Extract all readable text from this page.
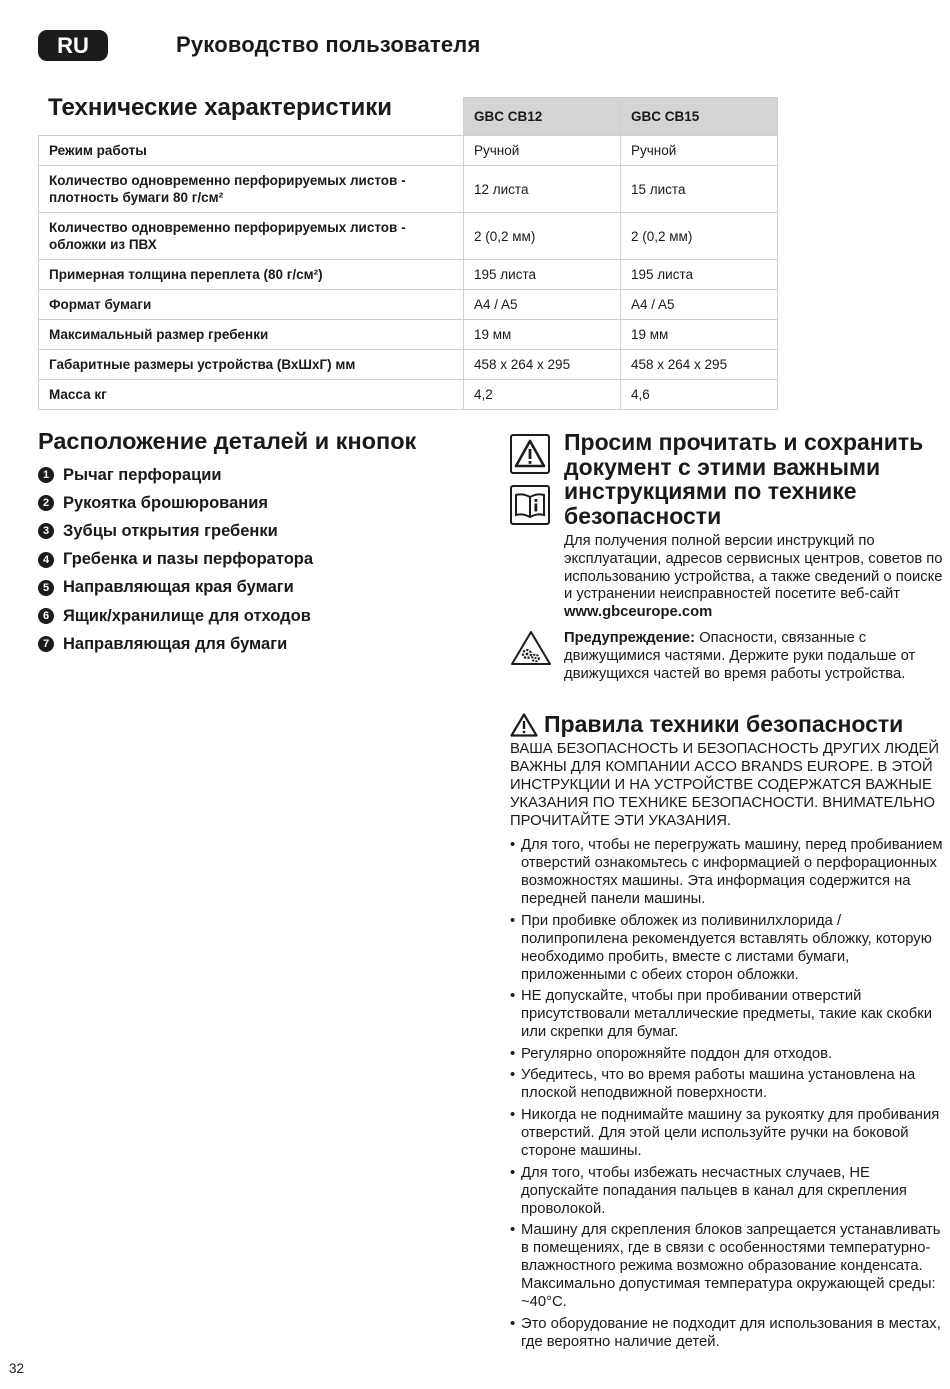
RU	Руководство пользователя
	GBC CB12	GBC CB15
Режим работы	Ручной	Ручной
Количество одновременно перфорируемых листов - плотность бумаги 80 г/см²	12 листа	15 листа
Количество одновременно перфорируемых листов - обложки из ПВХ	2 (0,2 мм)	2 (0,2 мм)
Примерная толщина переплета (80 г/см²)	195 листа	195 листа
Формат бумаги	A4 / A5	A4 / A5
Максимальный размер гребенки	19 мм	19 мм
Габаритные размеры устройства (ВхШхГ) мм	458 x 264 x 295	458 x 264 x 295
Масса кг	4,2	4,6
Технические характеристики
Расположение деталей и кнопок
1 Рычаг перфорации
2 Рукоятка брошюрования
3 Зубцы открытия гребенки
4 Гребенка и пазы перфоратора
5 Направляющая края бумаги
6 Ящик/хранилище для отходов
7 Направляющая для бумаги
Просим прочитать и сохранить документ с этими важными инструкциями по технике безопасности
Для получения полной версии инструкций по эксплуатации, адресов сервисных центров, советов по использованию устройства, а также сведений о поиске и устранении неисправностей посетите веб-сайт www.gbceurope.com
Предупреждение: Опасности, связанные с движущимися частями. Держите руки подальше от движущихся частей во время работы устройства.
Правила техники безопасности
ВАША БЕЗОПАСНОСТЬ И БЕЗОПАСНОСТЬ ДРУГИХ ЛЮДЕЙ ВАЖНЫ ДЛЯ КОМПАНИИ ACCO BRANDS EUROPE. В ЭТОЙ ИНСТРУКЦИИ И НА УСТРОЙСТВЕ СОДЕРЖАТСЯ ВАЖНЫЕ УКАЗАНИЯ ПО ТЕХНИКЕ БЕЗОПАСНОСТИ. ВНИМАТЕЛЬНО ПРОЧИТАЙТЕ ЭТИ УКАЗАНИЯ.
• Для того, чтобы не перегружать машину, перед пробиванием отверстий ознакомьтесь с информацией о перфорационных возможностях машины. Эта информация содержится на передней панели машины.
• При пробивке обложек из поливинилхлорида / полипропилена рекомендуется вставлять обложку, которую необходимо пробить, вместе с листами бумаги, приложенными с обеих сторон обложки.
• НЕ допускайте, чтобы при пробивании отверстий присутствовали металлические предметы, такие как скобки или скрепки для бумаг.
• Регулярно опорожняйте поддон для отходов.
• Убедитесь, что во время работы машина установлена на плоской неподвижной поверхности.
• Никогда не поднимайте машину за рукоятку для пробивания отверстий. Для этой цели используйте ручки на боковой стороне машины.
• Для того, чтобы избежать несчастных случаев, НЕ допускайте попадания пальцев в канал для скрепления проволокой.
• Машину для скрепления блоков запрещается устанавливать в помещениях, где в связи с особенностями температурно-влажностного режима возможно образование конденсата. Максимально допустимая температура окружающей среды: ~40°C.
• Это оборудование не подходит для использования в местах, где вероятно наличие детей.
32
